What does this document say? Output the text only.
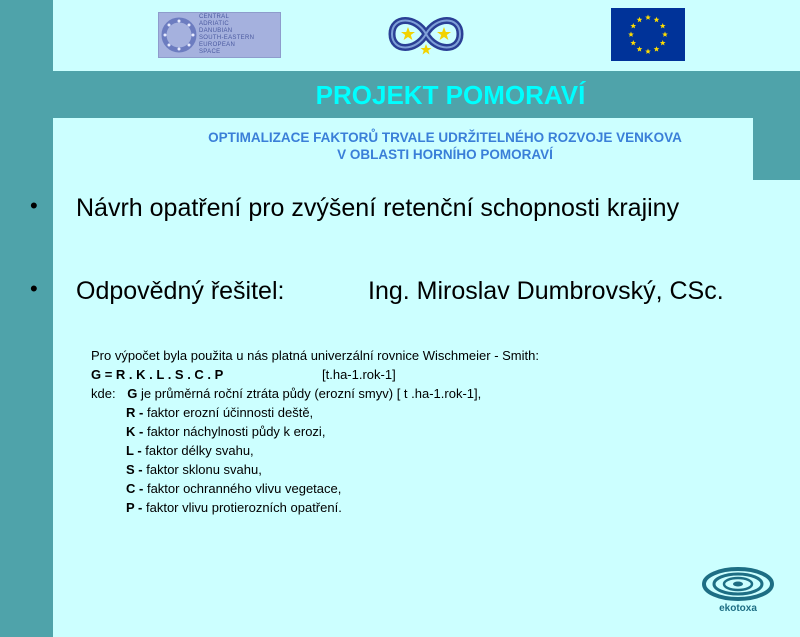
CENTRAL
ADRIATIC
DANUBIAN
SOUTH-EASTERN
EUROPEAN
SPACE
PROJEKT POMORAVÍ
OPTIMALIZACE FAKTORŮ TRVALE UDRŽITELNÉHO ROZVOJE VENKOVA
V OBLASTI HORNÍHO POMORAVÍ
• Návrh opatření pro zvýšení retenční schopnosti krajiny
• Odpovědný řešitel:	Ing. Miroslav Dumbrovský, CSc.
Pro výpočet byla použita u nás platná univerzální rovnice Wischmeier - Smith:
G = R . K . L . S . C . P	[t.ha-1.rok-1]
kde: G je průměrná roční ztráta půdy (erozní smyv) [ t .ha-1.rok-1],
R - faktor erozní účinnosti deště,
K - faktor náchylnosti půdy k erozi,
L - faktor délky svahu,
S - faktor sklonu svahu,
C - faktor ochranného vlivu vegetace,
P - faktor vlivu protierozních opatření.
ekotoxa
